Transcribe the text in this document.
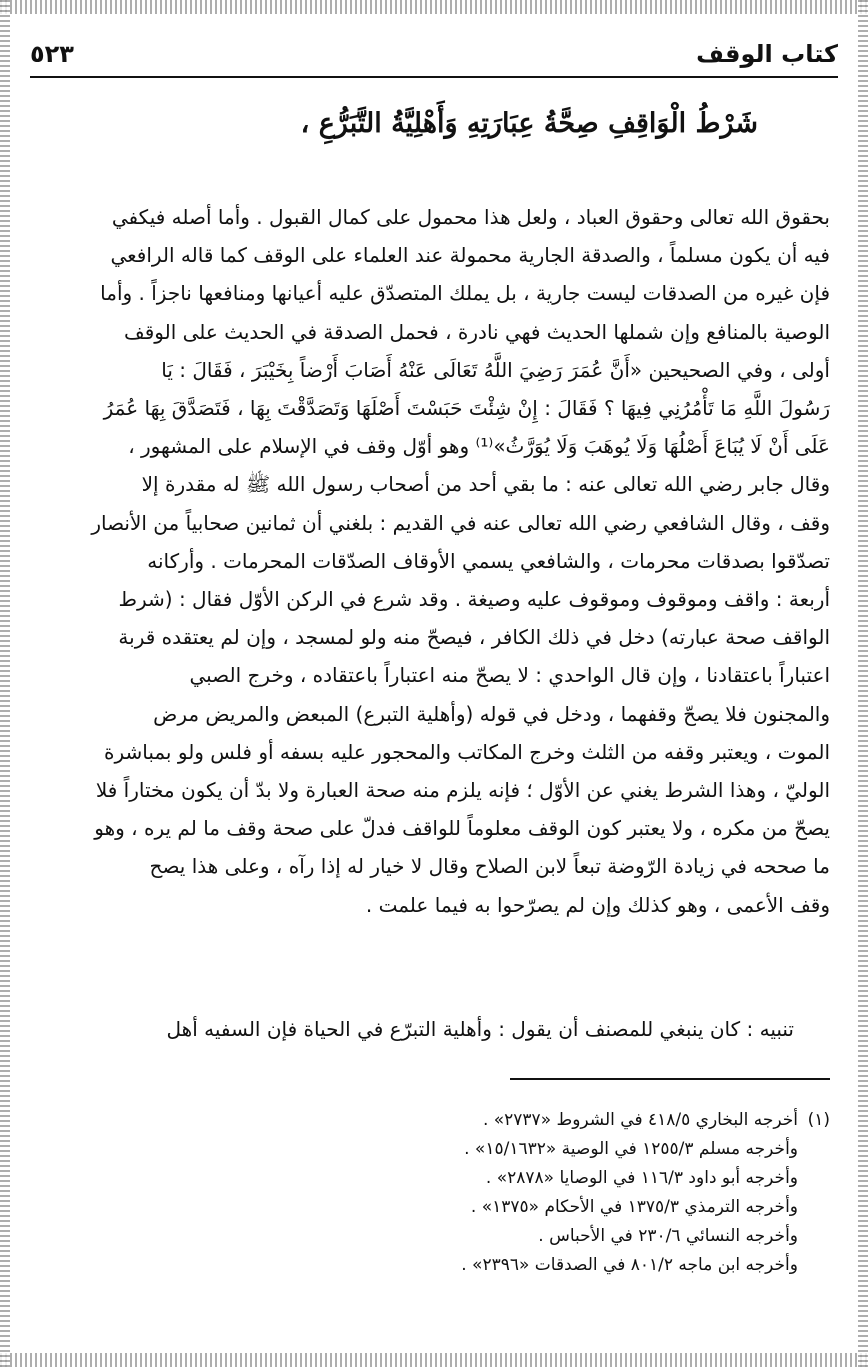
كتاب الوقف
٥٢٣
شَرْطُ الْوَاقِفِ صِحَّةُ عِبَارَتِهِ وَأَهْلِيَّةُ التَّبَرُّعِ ،

بحقوق الله تعالى وحقوق العباد ، ولعل هذا محمول على كمال القبول . وأما أصله فيكفي

فيه أن يكون مسلماً ، والصدقة الجارية محمولة عند العلماء على الوقف كما قاله الرافعي

فإن غيره من الصدقات ليست جارية ، بل يملك المتصدّق عليه أعيانها ومنافعها ناجزاً . وأما

الوصية بالمنافع وإن شملها الحديث فهي نادرة ، فحمل الصدقة في الحديث على الوقف

أولى ، وفي الصحيحين «أَنَّ عُمَرَ رَضِيَ اللَّهُ تَعَالَى عَنْهُ أَصَابَ أَرْضاً بِخَيْبَرَ ، فَقَالَ : يَا

رَسُولَ اللَّهِ مَا تَأْمُرُنِي فِيهَا ؟ فَقَالَ : إِنْ شِئْتَ حَبَسْتَ أَصْلَهَا وَتَصَدَّقْتَ بِهَا ، فَتَصَدَّقَ بِهَا عُمَرُ

عَلَى أَنْ لَا يُبَاعَ أَصْلُهَا وَلَا يُوهَبَ وَلَا يُوَرَّثُ»⁽¹⁾ وهو أوّل وقف في الإسلام على المشهور ،

وقال جابر رضي الله تعالى عنه : ما بقي أحد من أصحاب رسول الله ﷺ له مقدرة إلا

وقف ، وقال الشافعي رضي الله تعالى عنه في القديم : بلغني أن ثمانين صحابياً من الأنصار

تصدّقوا بصدقات محرمات ، والشافعي يسمي الأوقاف الصدّقات المحرمات . وأركانه

أربعة : واقف وموقوف وموقوف عليه وصيغة . وقد شرع في الركن الأوّل فقال : (شرط

الواقف صحة عبارته) دخل في ذلك الكافر ، فيصحّ منه ولو لمسجد ، وإن لم يعتقده قربة

اعتباراً باعتقادنا ، وإن قال الواحدي : لا يصحّ منه اعتباراً باعتقاده ، وخرج الصبي

والمجنون فلا يصحّ وقفهما ، ودخل في قوله (وأهلية التبرع) المبعض والمريض مرض

الموت ، ويعتبر وقفه من الثلث وخرج المكاتب والمحجور عليه بسفه أو فلس ولو بمباشرة

الوليّ ، وهذا الشرط يغني عن الأوّل ؛ فإنه يلزم منه صحة العبارة ولا بدّ أن يكون مختاراً فلا

يصحّ من مكره ، ولا يعتبر كون الوقف معلوماً للواقف فدلّ على صحة وقف ما لم يره ، وهو

ما صححه في زيادة الرّوضة تبعاً لابن الصلاح وقال لا خيار له إذا رآه ، وعلى هذا يصح

وقف الأعمى ، وهو كذلك وإن لم يصرّحوا به فيما علمت .

تنبيه : كان ينبغي للمصنف أن يقول : وأهلية التبرّع في الحياة فإن السفيه أهل
(١)أخرجه البخاري ٤١٨/٥ في الشروط «٢٧٣٧» .
وأخرجه مسلم ١٢٥٥/٣ في الوصية «١٥/١٦٣٢» .
وأخرجه أبو داود ١١٦/٣ في الوصايا «٢٨٧٨» .
وأخرجه الترمذي ١٣٧٥/٣ في الأحكام «١٣٧٥» .
وأخرجه النسائي ٢٣٠/٦ في الأحباس .
وأخرجه ابن ماجه ٨٠١/٢ في الصدقات «٢٣٩٦» .
